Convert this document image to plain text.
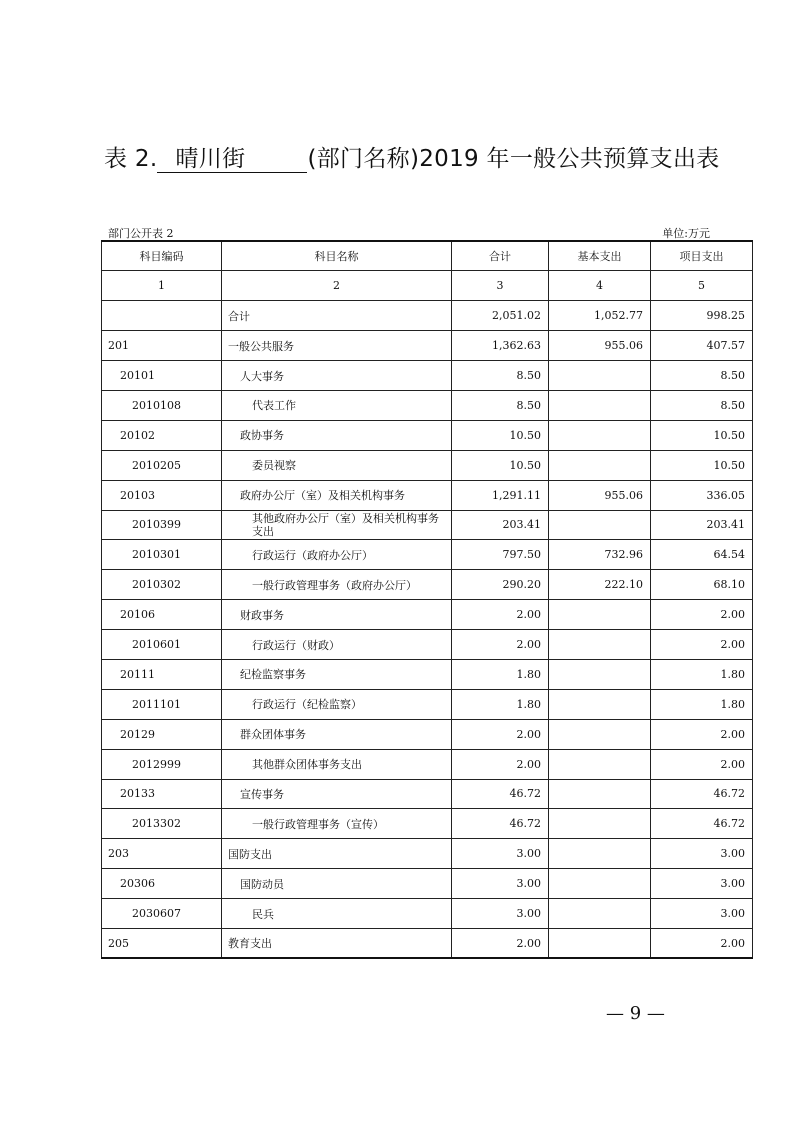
表 2. 晴川街	(部门名称)2019 年一般公共预算支出表
部门公开表 2	单位:万元
科目编码	科目名称	合计	基本支出	项目支出
1	2	3	4	5
	合计	2,051.02	1,052.77	998.25
201	一般公共服务	1,362.63	955.06	407.57
20101	人大事务	8.50		8.50
2010108	代表工作	8.50		8.50
20102	政协事务	10.50		10.50
2010205	委员视察	10.50		10.50
20103	政府办公厅（室）及相关机构事务	1,291.11	955.06	336.05
2010399	其他政府办公厅（室）及相关机构事务支出	203.41		203.41
2010301	行政运行（政府办公厅）	797.50	732.96	64.54
2010302	一般行政管理事务（政府办公厅）	290.20	222.10	68.10
20106	财政事务	2.00		2.00
2010601	行政运行（财政）	2.00		2.00
20111	纪检监察事务	1.80		1.80
2011101	行政运行（纪检监察）	1.80		1.80
20129	群众团体事务	2.00		2.00
2012999	其他群众团体事务支出	2.00		2.00
20133	宣传事务	46.72		46.72
2013302	一般行政管理事务（宣传）	46.72		46.72
203	国防支出	3.00		3.00
20306	国防动员	3.00		3.00
2030607	民兵	3.00		3.00
205	教育支出	2.00		2.00
— 9 —
